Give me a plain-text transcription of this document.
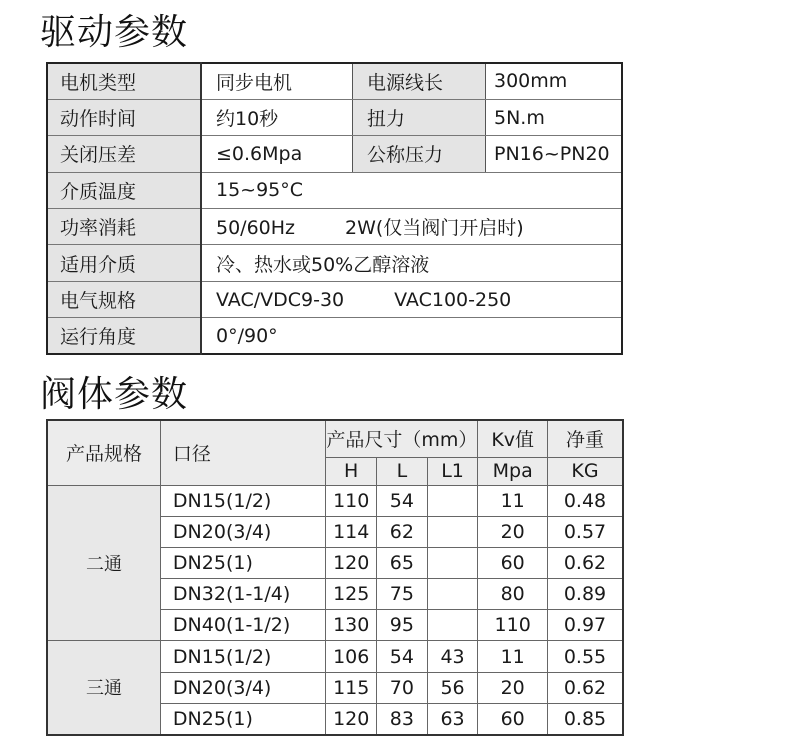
驱动参数
电机类型	同步电机	电源线长	300mm
动作时间	约10秒	扭力	5N.m
关闭压差	≤0.6Mpa	公称压力	PN16~PN20
介质温度	15~95°C		
功率消耗	50/60Hz 2W(仅当阀门开启时)		
适用介质	冷、热水或50%乙醇溶液		
电气规格	VAC/VDC9-30 VAC100-250		
运行角度	0°/90°		
阀体参数
产品规格	口径	产品尺寸（mm）			Kv值	净重
		H	L	L1	Mpa	KG
二通	DN15(1/2)	110	54		11	0.48
	DN20(3/4)	114	62		20	0.57
	DN25(1)	120	65		60	0.62
	DN32(1-1/4)	125	75		80	0.89
	DN40(1-1/2)	130	95		110	0.97
三通	DN15(1/2)	106	54	43	11	0.55
	DN20(3/4)	115	70	56	20	0.62
	DN25(1)	120	83	63	60	0.85
